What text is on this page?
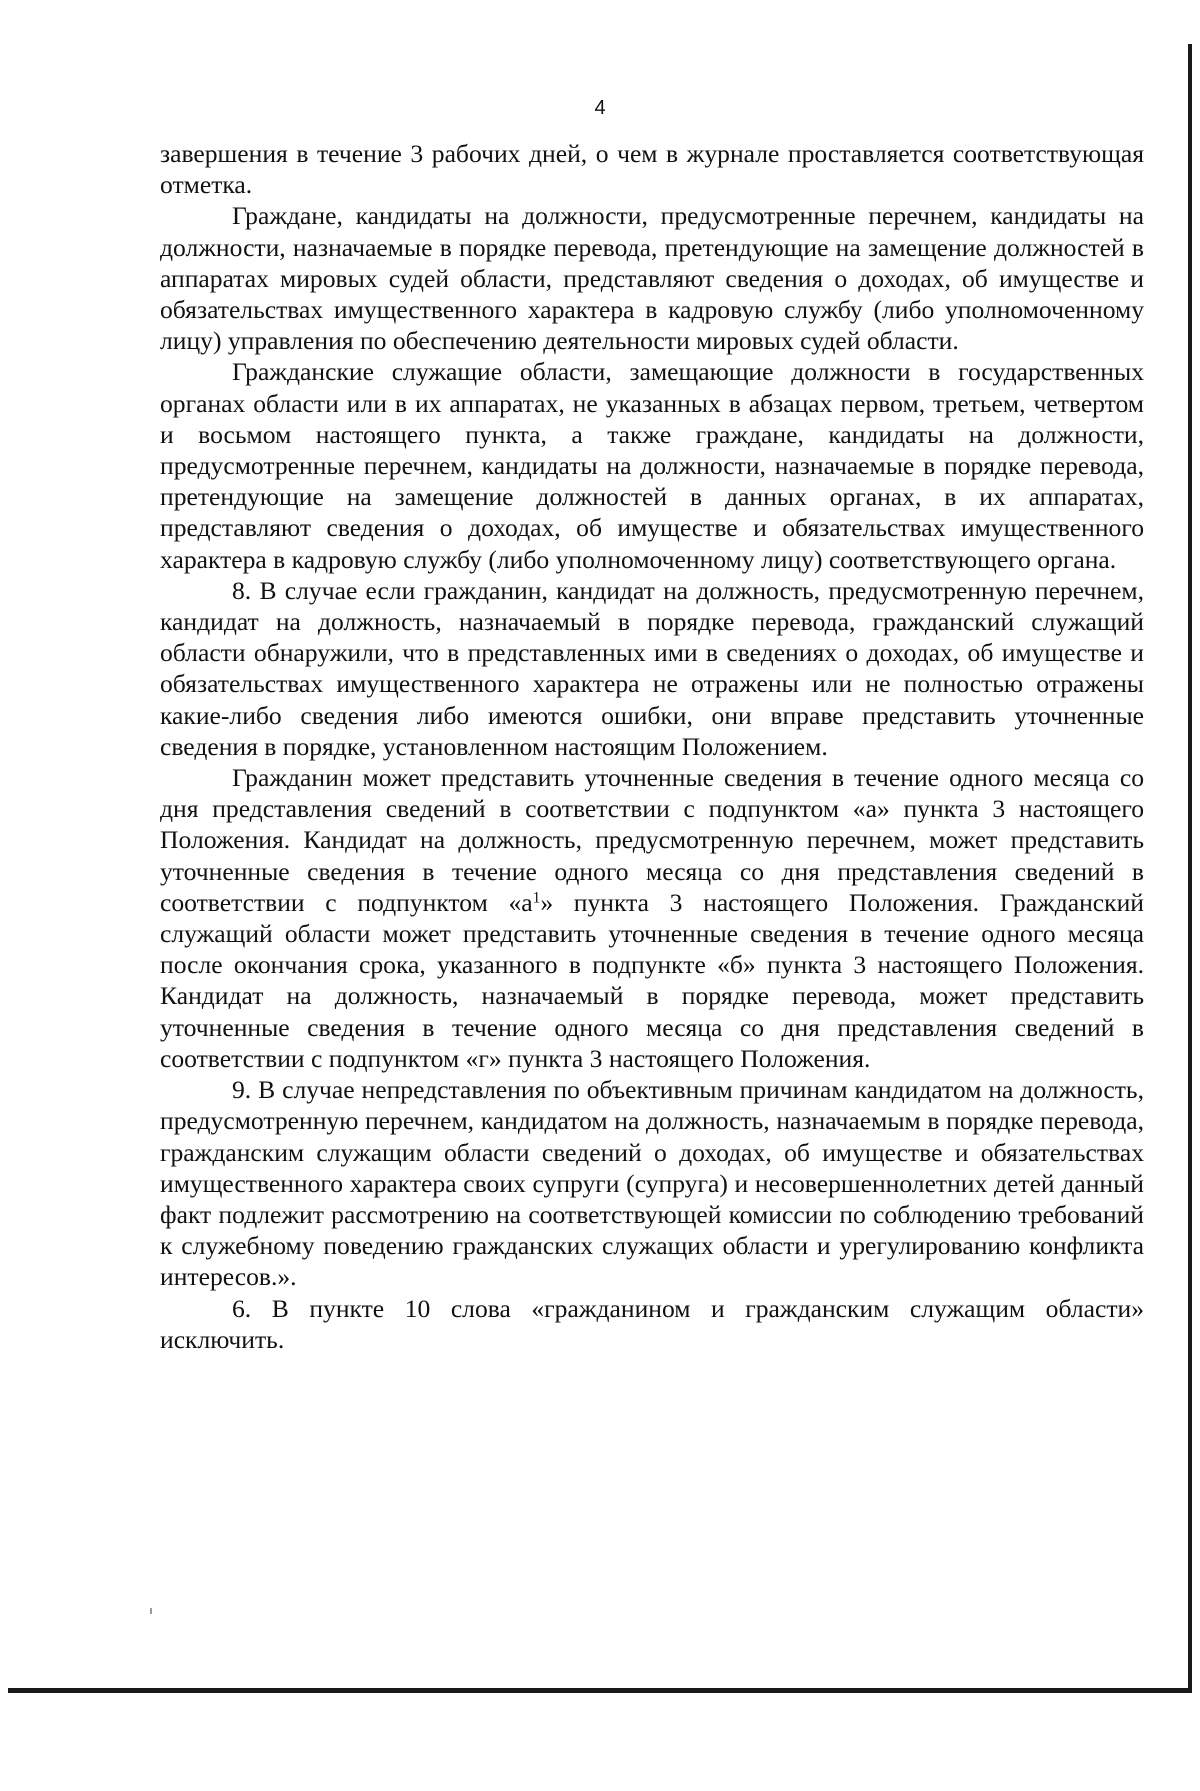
4

завершения в течение 3 рабочих дней, о чем в журнале проставляется соответствующая отметка.

Граждане, кандидаты на должности, предусмотренные перечнем, кандидаты на должности, назначаемые в порядке перевода, претендующие на замещение должностей в аппаратах мировых судей области, представляют сведения о доходах, об имуществе и обязательствах имущественного характера в кадровую службу (либо уполномоченному лицу) управления по обеспечению деятельности мировых судей области.

Гражданские служащие области, замещающие должности в государственных органах области или в их аппаратах, не указанных в абзацах первом, третьем, четвертом и восьмом настоящего пункта, а также граждане, кандидаты на должности, предусмотренные перечнем, кандидаты на должности, назначаемые в порядке перевода, претендующие на замещение должностей в данных органах, в их аппаратах, представляют сведения о доходах, об имуществе и обязательствах имущественного характера в кадровую службу (либо уполномоченному лицу) соответствующего органа.

8. В случае если гражданин, кандидат на должность, предусмотренную перечнем, кандидат на должность, назначаемый в порядке перевода, гражданский служащий области обнаружили, что в представленных ими в сведениях о доходах, об имуществе и обязательствах имущественного характера не отражены или не полностью отражены какие-либо сведения либо имеются ошибки, они вправе представить уточненные сведения в порядке, установленном настоящим Положением.

Гражданин может представить уточненные сведения в течение одного месяца со дня представления сведений в соответствии с подпунктом «а» пункта 3 настоящего Положения. Кандидат на должность, предусмотренную перечнем, может представить уточненные сведения в течение одного месяца со дня представления сведений в соответствии с подпунктом «$а^1$» пункта 3 настоящего Положения. Гражданский служащий области может представить уточненные сведения в течение одного месяца после окончания срока, указанного в подпункте «б» пункта 3 настоящего Положения. Кандидат на должность, назначаемый в порядке перевода, может представить уточненные сведения в течение одного месяца со дня представления сведений в соответствии с подпунктом «г» пункта 3 настоящего Положения.

9. В случае непредставления по объективным причинам кандидатом на должность, предусмотренную перечнем, кандидатом на должность, назначаемым в порядке перевода, гражданским служащим области сведений о доходах, об имуществе и обязательствах имущественного характера своих супруги (супруга) и несовершеннолетних детей данный факт подлежит рассмотрению на соответствующей комиссии по соблюдению требований к служебному поведению гражданских служащих области и урегулированию конфликта интересов.».

6. В пункте 10 слова «гражданином и гражданским служащим области» исключить.
